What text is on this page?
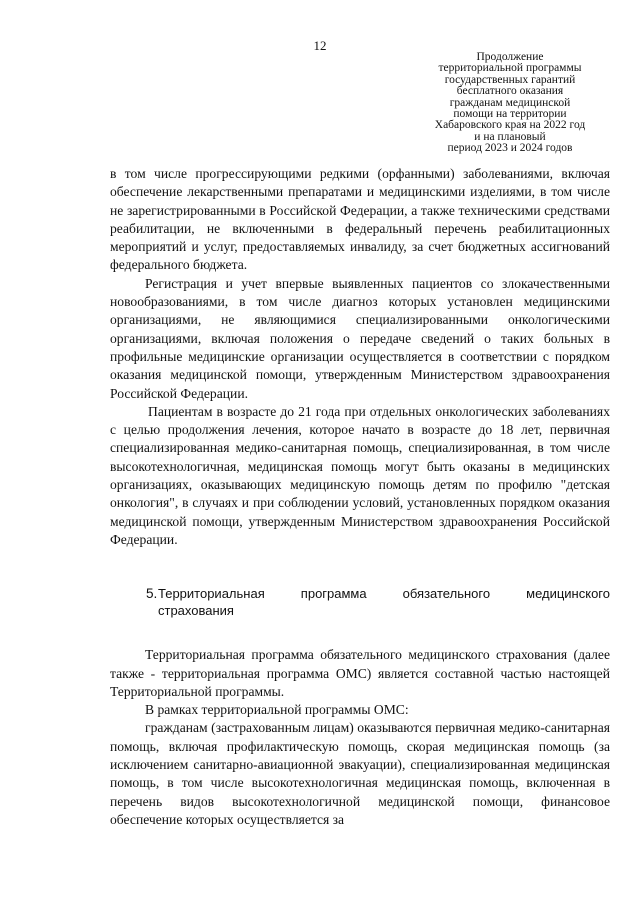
12
Продолжение
территориальной программы
государственных гарантий
бесплатного оказания
гражданам медицинской
помощи на территории
Хабаровского края на 2022 год
и на плановый
период 2023 и 2024 годов

в том числе прогрессирующими редкими (орфанными) заболеваниями, включая обеспечение лекарственными препаратами и медицинскими изделиями, в том числе не зарегистрированными в Российской Федерации, а также техническими средствами реабилитации, не включенными в федеральный перечень реабилитационных мероприятий и услуг, предоставляемых инвалиду, за счет бюджетных ассигнований федерального бюджета.

Регистрация и учет впервые выявленных пациентов со злокачественными новообразованиями, в том числе диагноз которых установлен медицинскими организациями, не являющимися специализированными онкологическими организациями, включая положения о передаче сведений о таких больных в профильные медицинские организации осуществляется в соответствии с порядком оказания медицинской помощи, утвержденным Министерством здравоохранения Российской Федерации.

Пациентам в возрасте до 21 года при отдельных онкологических заболеваниях с целью продолжения лечения, которое начато в возрасте до 18 лет, первичная специализированная медико-санитарная помощь, специализированная, в том числе высокотехнологичная, медицинская помощь могут быть оказаны в медицинских организациях, оказывающих медицинскую помощь детям по профилю "детская онкология", в случаях и при соблюдении условий, установленных порядком оказания медицинской помощи, утвержденным Министерством здравоохранения Российской Федерации.

5. Территориальная программа обязательного медицинского
страхования

Территориальная программа обязательного медицинского страхования (далее также - территориальная программа ОМС) является составной частью настоящей Территориальной программы.

В рамках территориальной программы ОМС:

гражданам (застрахованным лицам) оказываются первичная медико-санитарная помощь, включая профилактическую помощь, скорая медицинская помощь (за исключением санитарно-авиационной эвакуации), специализированная медицинская помощь, в том числе высокотехнологичная медицинская помощь, включенная в перечень видов высокотехнологичной медицинской помощи, финансовое обеспечение которых осуществляется за
